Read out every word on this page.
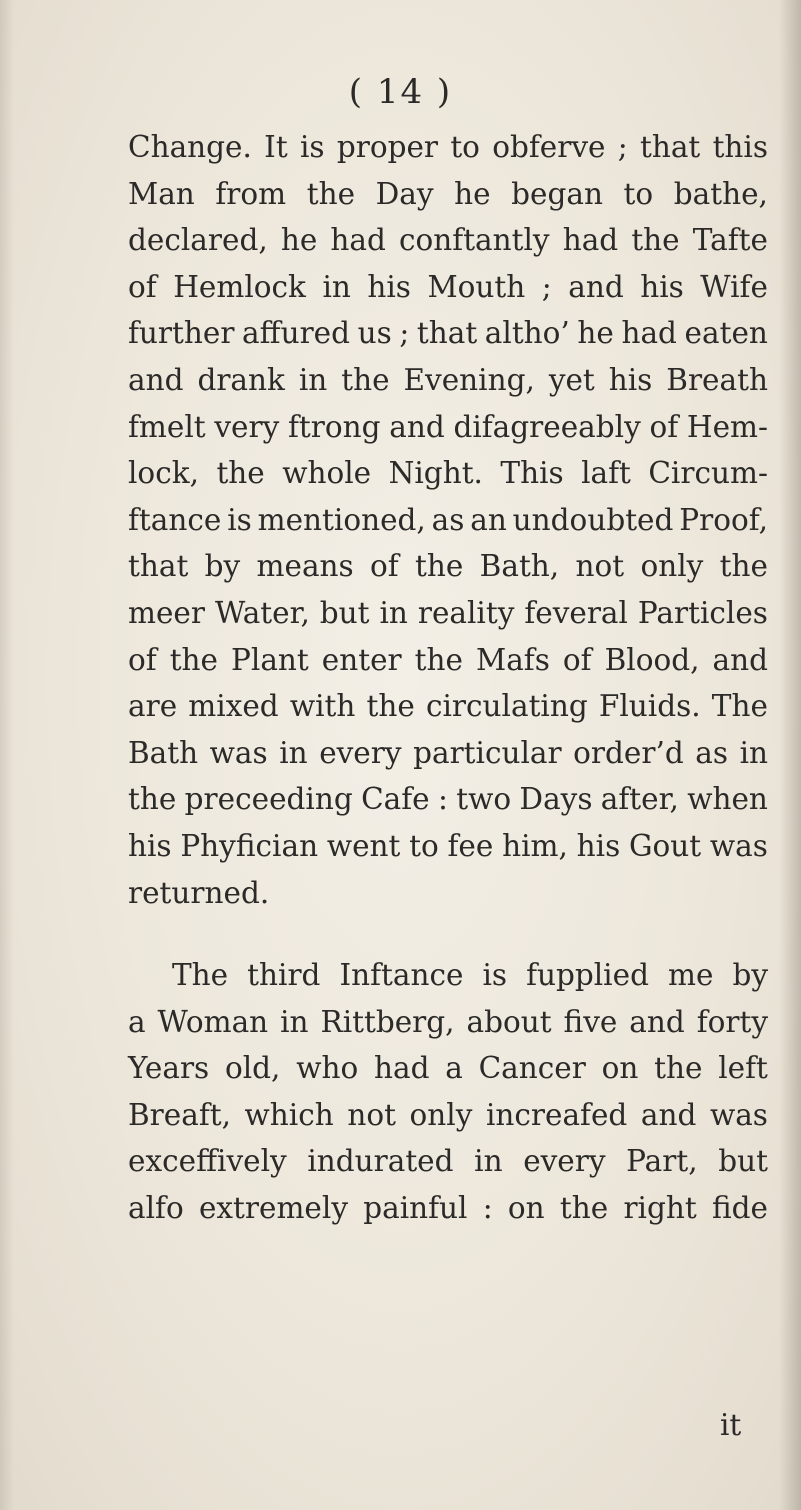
( 14 )
Change. It is proper to obferve ; that this
Man from the Day he began to bathe,
declared, he had conftantly had the Tafte
of Hemlock in his Mouth ; and his Wife
further affured us ; that altho’ he had eaten
and drank in the Evening, yet his Breath
fmelt very ftrong and difagreeably of Hem-
lock, the whole Night. This laft Circum-
ftance is mentioned, as an undoubted Proof,
that by means of the Bath, not only the
meer Water, but in reality feveral Particles
of the Plant enter the Mafs of Blood, and
are mixed with the circulating Fluids. The
Bath was in every particular order’d as in
the preceeding Cafe : two Days after, when
his Phyfician went to fee him, his Gout was
returned.
The third Inftance is fupplied me by
a Woman in Rittberg, about five and forty
Years old, who had a Cancer on the left
Breaft, which not only increafed and was
exceffively indurated in every Part, but
alfo extremely painful : on the right fide
it
